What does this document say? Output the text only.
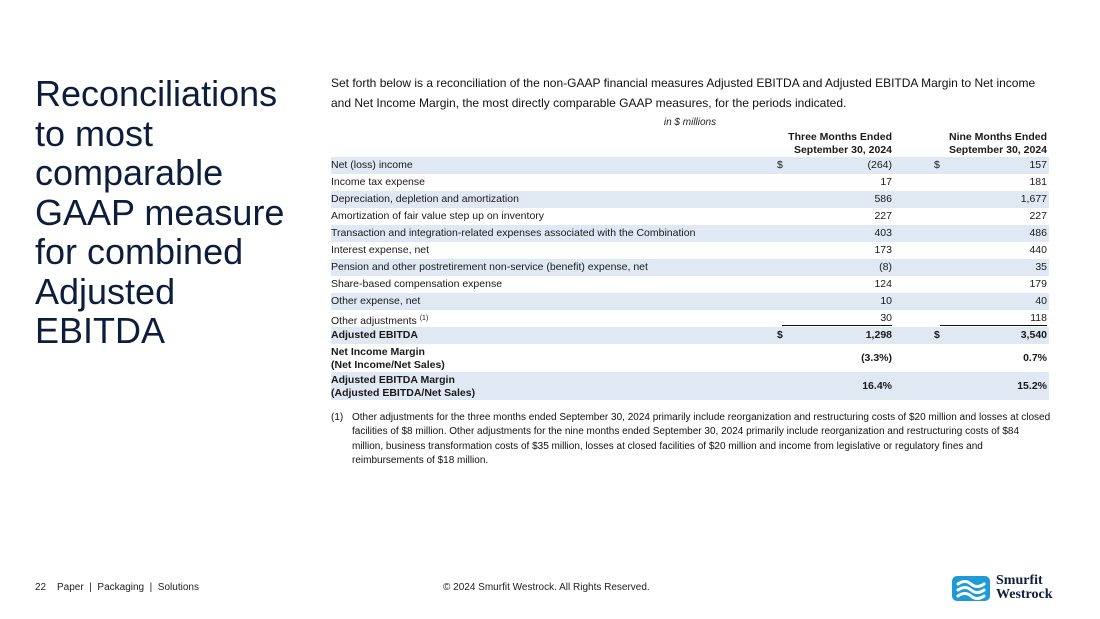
Reconciliations
to most
comparable
GAAP measure
for combined
Adjusted
EBITDA
Set forth below is a reconciliation of the non-GAAP financial measures Adjusted EBITDA and Adjusted EBITDA Margin to Net income and Net Income Margin, the most directly comparable GAAP measures, for the periods indicated.
in $ millions
Three Months Ended
September 30, 2024
Nine Months Ended
September 30, 2024
Net (loss) income	$	(264)	$	157
Income tax expense	17	181
Depreciation, depletion and amortization	586	1,677
Amortization of fair value step up on inventory	227	227
Transaction and integration-related expenses associated with the Combination	403	486
Interest expense, net	173	440
Pension and other postretirement non-service (benefit) expense, net	(8)	35
Share-based compensation expense	124	179
Other expense, net	10	40
Other adjustments $^{(1)}$	30	118
Adjusted EBITDA	$	1,298	$	3,540
Net Income Margin
(Net Income/Net Sales)
(3.3%)	0.7%
Adjusted EBITDA Margin
(Adjusted EBITDA/Net Sales)
16.4%	15.2%
(1) Other adjustments for the three months ended September 30, 2024 primarily include reorganization and restructuring costs of $20 million and losses at closed facilities of $8 million. Other adjustments for the nine months ended September 30, 2024 primarily include reorganization and restructuring costs of $84 million, business transformation costs of $35 million, losses at closed facilities of $20 million and income from legislative or regulatory fines and reimbursements of $18 million.
22 Paper  |  Packaging  |  Solutions	© 2024 Smurfit Westrock. All Rights Reserved.	Smurfit
Westrock
